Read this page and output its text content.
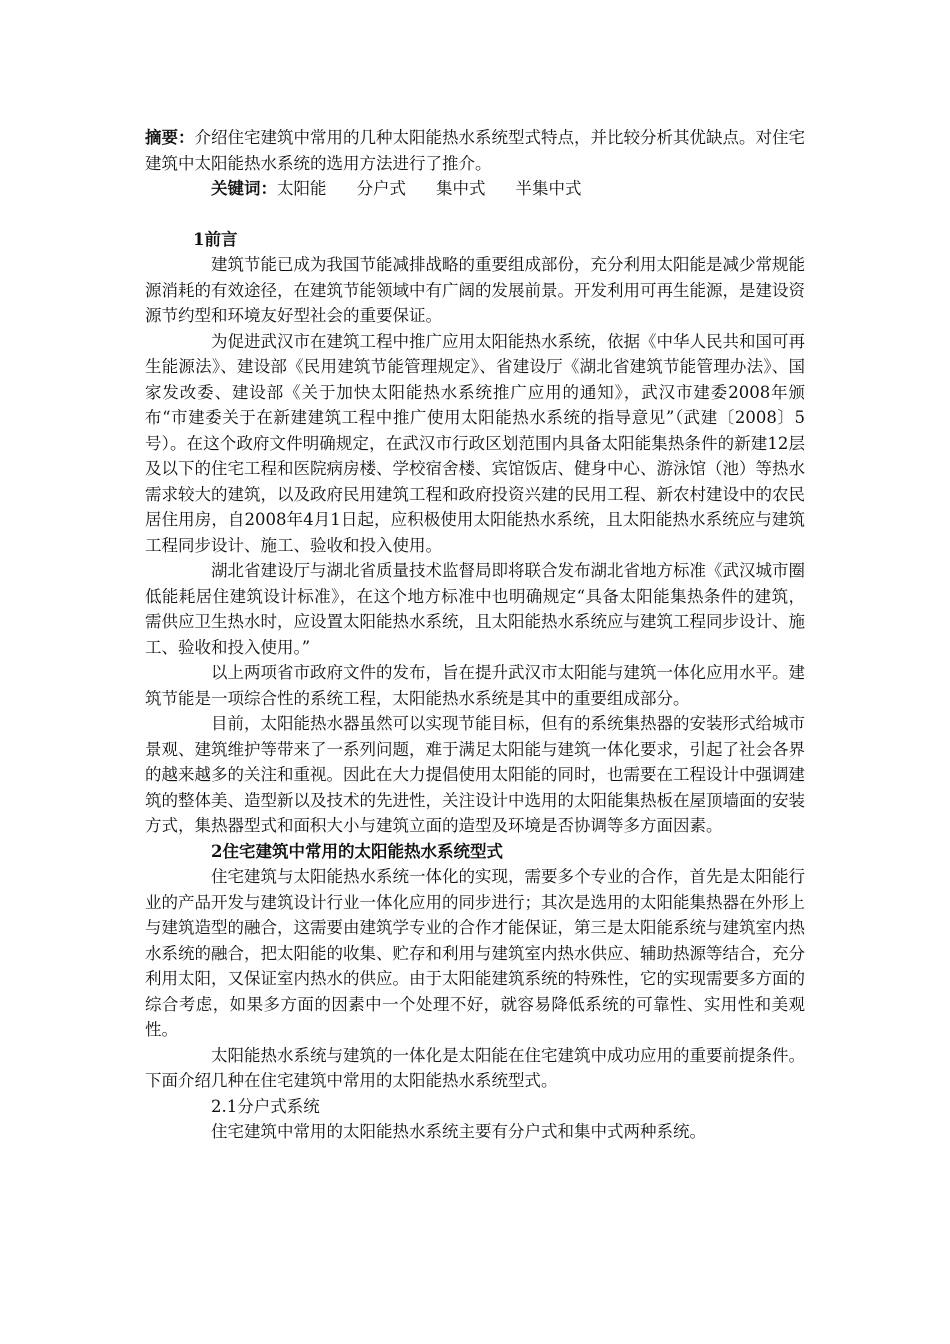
摘要：介绍住宅建筑中常用的几种太阳能热水系统型式特点，并比较分析其优缺点。对住宅建筑中太阳能热水系统的选用方法进行了推介。

关键词：太阳能 分户式 集中式 半集中式

1前言

建筑节能已成为我国节能减排战略的重要组成部份，充分利用太阳能是减少常规能源消耗的有效途径，在建筑节能领域中有广阔的发展前景。开发利用可再生能源，是建设资源节约型和环境友好型社会的重要保证。

为促进武汉市在建筑工程中推广应用太阳能热水系统，依据《中华人民共和国可再生能源法》、建设部《民用建筑节能管理规定》、省建设厅《湖北省建筑节能管理办法》、国家发改委、建设部《关于加快太阳能热水系统推广应用的通知》，武汉市建委2008年颁布“市建委关于在新建建筑工程中推广使用太阳能热水系统的指导意见”（武建〔2008〕5号）。在这个政府文件明确规定，在武汉市行政区划范围内具备太阳能集热条件的新建12层及以下的住宅工程和医院病房楼、学校宿舍楼、宾馆饭店、健身中心、游泳馆（池）等热水需求较大的建筑，以及政府民用建筑工程和政府投资兴建的民用工程、新农村建设中的农民居住用房，自2008年4月1日起，应积极使用太阳能热水系统，且太阳能热水系统应与建筑工程同步设计、施工、验收和投入使用。

湖北省建设厅与湖北省质量技术监督局即将联合发布湖北省地方标准《武汉城市圈低能耗居住建筑设计标准》，在这个地方标准中也明确规定“具备太阳能集热条件的建筑，需供应卫生热水时，应设置太阳能热水系统，且太阳能热水系统应与建筑工程同步设计、施工、验收和投入使用。”

以上两项省市政府文件的发布，旨在提升武汉市太阳能与建筑一体化应用水平。建筑节能是一项综合性的系统工程，太阳能热水系统是其中的重要组成部分。

目前，太阳能热水器虽然可以实现节能目标，但有的系统集热器的安装形式给城市景观、建筑维护等带来了一系列问题，难于满足太阳能与建筑一体化要求，引起了社会各界的越来越多的关注和重视。因此在大力提倡使用太阳能的同时，也需要在工程设计中强调建筑的整体美、造型新以及技术的先进性，关注设计中选用的太阳能集热板在屋顶墙面的安装方式，集热器型式和面积大小与建筑立面的造型及环境是否协调等多方面因素。

2住宅建筑中常用的太阳能热水系统型式

住宅建筑与太阳能热水系统一体化的实现，需要多个专业的合作，首先是太阳能行业的产品开发与建筑设计行业一体化应用的同步进行；其次是选用的太阳能集热器在外形上与建筑造型的融合，这需要由建筑学专业的合作才能保证，第三是太阳能系统与建筑室内热水系统的融合，把太阳能的收集、贮存和利用与建筑室内热水供应、辅助热源等结合，充分利用太阳，又保证室内热水的供应。由于太阳能建筑系统的特殊性，它的实现需要多方面的综合考虑，如果多方面的因素中一个处理不好，就容易降低系统的可靠性、实用性和美观性。

太阳能热水系统与建筑的一体化是太阳能在住宅建筑中成功应用的重要前提条件。下面介绍几种在住宅建筑中常用的太阳能热水系统型式。

2.1分户式系统

住宅建筑中常用的太阳能热水系统主要有分户式和集中式两种系统。
